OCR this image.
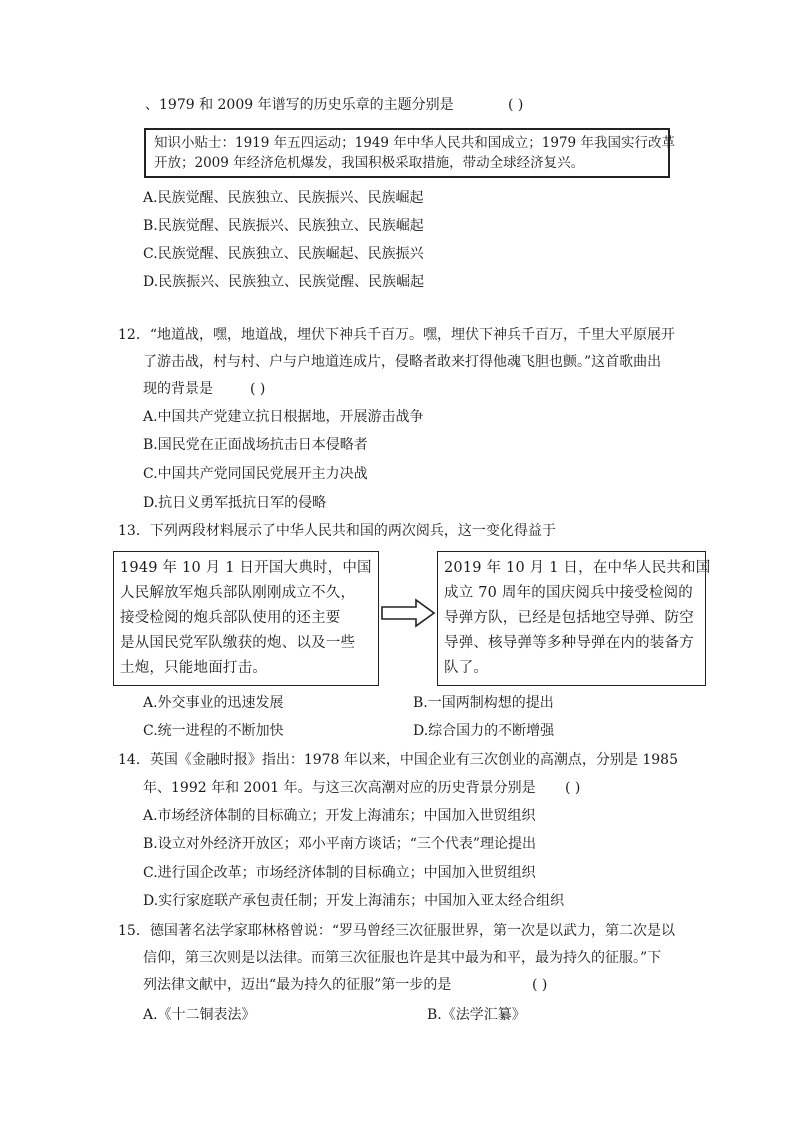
、1979 和 2009 年谱写的历史乐章的主题分别是	( )
知识小贴士：1919 年五四运动；1949 年中华人民共和国成立；1979 年我国实行改革
开放；2009 年经济危机爆发，我国积极采取措施，带动全球经济复兴。
A.民族觉醒、民族独立、民族振兴、民族崛起
B.民族觉醒、民族振兴、民族独立、民族崛起
C.民族觉醒、民族独立、民族崛起、民族振兴
D.民族振兴、民族独立、民族觉醒、民族崛起
12．“地道战，嘿，地道战，埋伏下神兵千百万。嘿，埋伏下神兵千百万，千里大平原展开
了游击战，村与村、户与户地道连成片，侵略者敢来打得他魂飞胆也颤。”这首歌曲出
现的背景是	( )
A.中国共产党建立抗日根据地，开展游击战争
B.国民党在正面战场抗击日本侵略者
C.中国共产党同国民党展开主力决战
D.抗日义勇军抵抗日军的侵略
13．下列两段材料展示了中华人民共和国的两次阅兵，这一变化得益于
1949 年 10 月 1 日开国大典时，中国
人民解放军炮兵部队刚刚成立不久，
接受检阅的炮兵部队使用的还主要
是从国民党军队缴获的炮、以及一些
土炮，只能地面打击。
2019 年 10 月 1 日，在中华人民共和国
成立 70 周年的国庆阅兵中接受检阅的
导弹方队，已经是包括地空导弹、防空
导弹、核导弹等多种导弹在内的装备方
队了。
A.外交事业的迅速发展	B.一国两制构想的提出
C.统一进程的不断加快	D.综合国力的不断增强
14．英国《金融时报》指出：1978 年以来，中国企业有三次创业的高潮点，分别是 1985
年、1992 年和 2001 年。与这三次高潮对应的历史背景分别是 ( )
A.市场经济体制的目标确立；开发上海浦东；中国加入世贸组织
B.设立对外经济开放区；邓小平南方谈话；“三个代表”理论提出
C.进行国企改革；市场经济体制的目标确立；中国加入世贸组织
D.实行家庭联产承包责任制；开发上海浦东；中国加入亚太经合组织
15．德国著名法学家耶林格曾说：“罗马曾经三次征服世界，第一次是以武力，第二次是以
信仰，第三次则是以法律。而第三次征服也许是其中最为和平，最为持久的征服。”下
列法律文献中，迈出“最为持久的征服”第一步的是	( )
A.《十二铜表法》	B.《法学汇纂》
